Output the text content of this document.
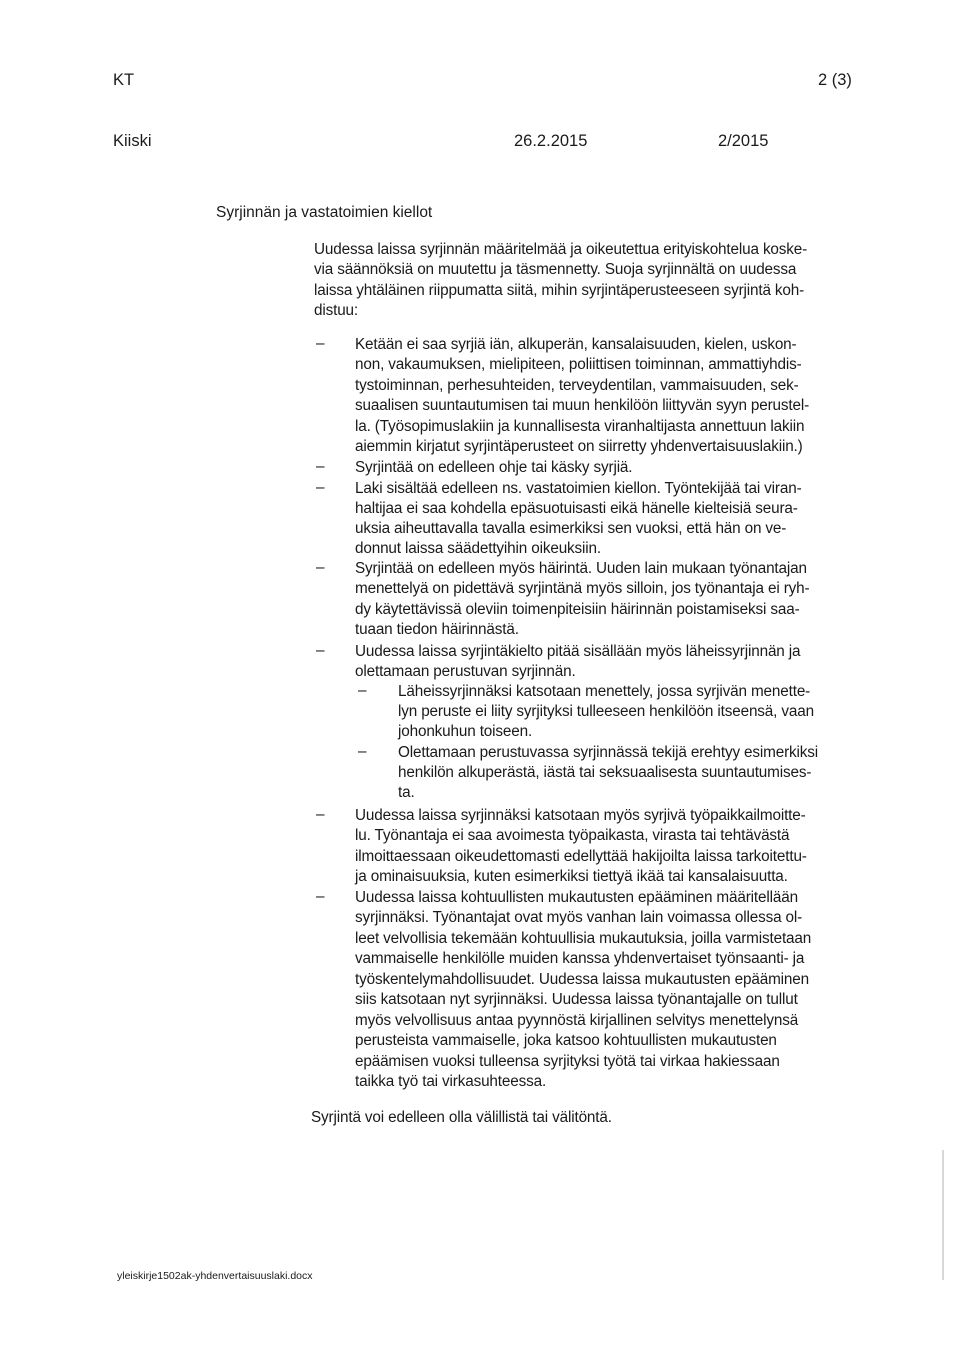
KT	2 (3)
Kiiski	26.2.2015	2/2015
Syrjinnän ja vastatoimien kiellot
Uudessa laissa syrjinnän määritelmää ja oikeutettua erityiskohtelua koske-
via säännöksiä on muutettu ja täsmennetty. Suoja syrjinnältä on uudessa
laissa yhtäläinen riippumatta siitä, mihin syrjintäperusteeseen syrjintä koh-
distuu:
– Ketään ei saa syrjiä iän, alkuperän, kansalaisuuden, kielen, uskon-
non, vakaumuksen, mielipiteen, poliittisen toiminnan, ammattiyhdis-
tystoiminnan, perhesuhteiden, terveydentilan, vammaisuuden, sek-
suaalisen suuntautumisen tai muun henkilöön liittyvän syyn perustel-
la. (Työsopimuslakiin ja kunnallisesta viranhaltijasta annettuun lakiin
aiemmin kirjatut syrjintäperusteet on siirretty yhdenvertaisuuslakiin.)
– Syrjintää on edelleen ohje tai käsky syrjiä.
– Laki sisältää edelleen ns. vastatoimien kiellon. Työntekijää tai viran-
haltijaa ei saa kohdella epäsuotuisasti eikä hänelle kielteisiä seura-
uksia aiheuttavalla tavalla esimerkiksi sen vuoksi, että hän on ve-
donnut laissa säädettyihin oikeuksiin.
– Syrjintää on edelleen myös häirintä. Uuden lain mukaan työnantajan
menettelyä on pidettävä syrjintänä myös silloin, jos työnantaja ei ryh-
dy käytettävissä oleviin toimenpiteisiin häirinnän poistamiseksi saa-
tuaan tiedon häirinnästä.
– Uudessa laissa syrjintäkielto pitää sisällään myös läheissyrjinnän ja
olettamaan perustuvan syrjinnän.
– Läheissyrjinnäksi katsotaan menettely, jossa syrjivän menette-
lyn peruste ei liity syrjityksi tulleeseen henkilöön itseensä, vaan
johonkuhun toiseen.
– Olettamaan perustuvassa syrjinnässä tekijä erehtyy esimerkiksi
henkilön alkuperästä, iästä tai seksuaalisesta suuntautumises-
ta.
– Uudessa laissa syrjinnäksi katsotaan myös syrjivä työpaikkailmoitte-
lu. Työnantaja ei saa avoimesta työpaikasta, virasta tai tehtävästä
ilmoittaessaan oikeudettomasti edellyttää hakijoilta laissa tarkoitettu-
ja ominaisuuksia, kuten esimerkiksi tiettyä ikää tai kansalaisuutta.
– Uudessa laissa kohtuullisten mukautusten epääminen määritellään
syrjinnäksi. Työnantajat ovat myös vanhan lain voimassa ollessa ol-
leet velvollisia tekemään kohtuullisia mukautuksia, joilla varmistetaan
vammaiselle henkilölle muiden kanssa yhdenvertaiset työnsaanti- ja
työskentelymahdollisuudet. Uudessa laissa mukautusten epääminen
siis katsotaan nyt syrjinnäksi. Uudessa laissa työnantajalle on tullut
myös velvollisuus antaa pyynnöstä kirjallinen selvitys menettelynsä
perusteista vammaiselle, joka katsoo kohtuullisten mukautusten
epäämisen vuoksi tulleensa syrjityksi työtä tai virkaa hakiessaan
taikka työ tai virkasuhteessa.
Syrjintä voi edelleen olla välillistä tai välitöntä.
yleiskirje1502ak-yhdenvertaisuuslaki.docx
